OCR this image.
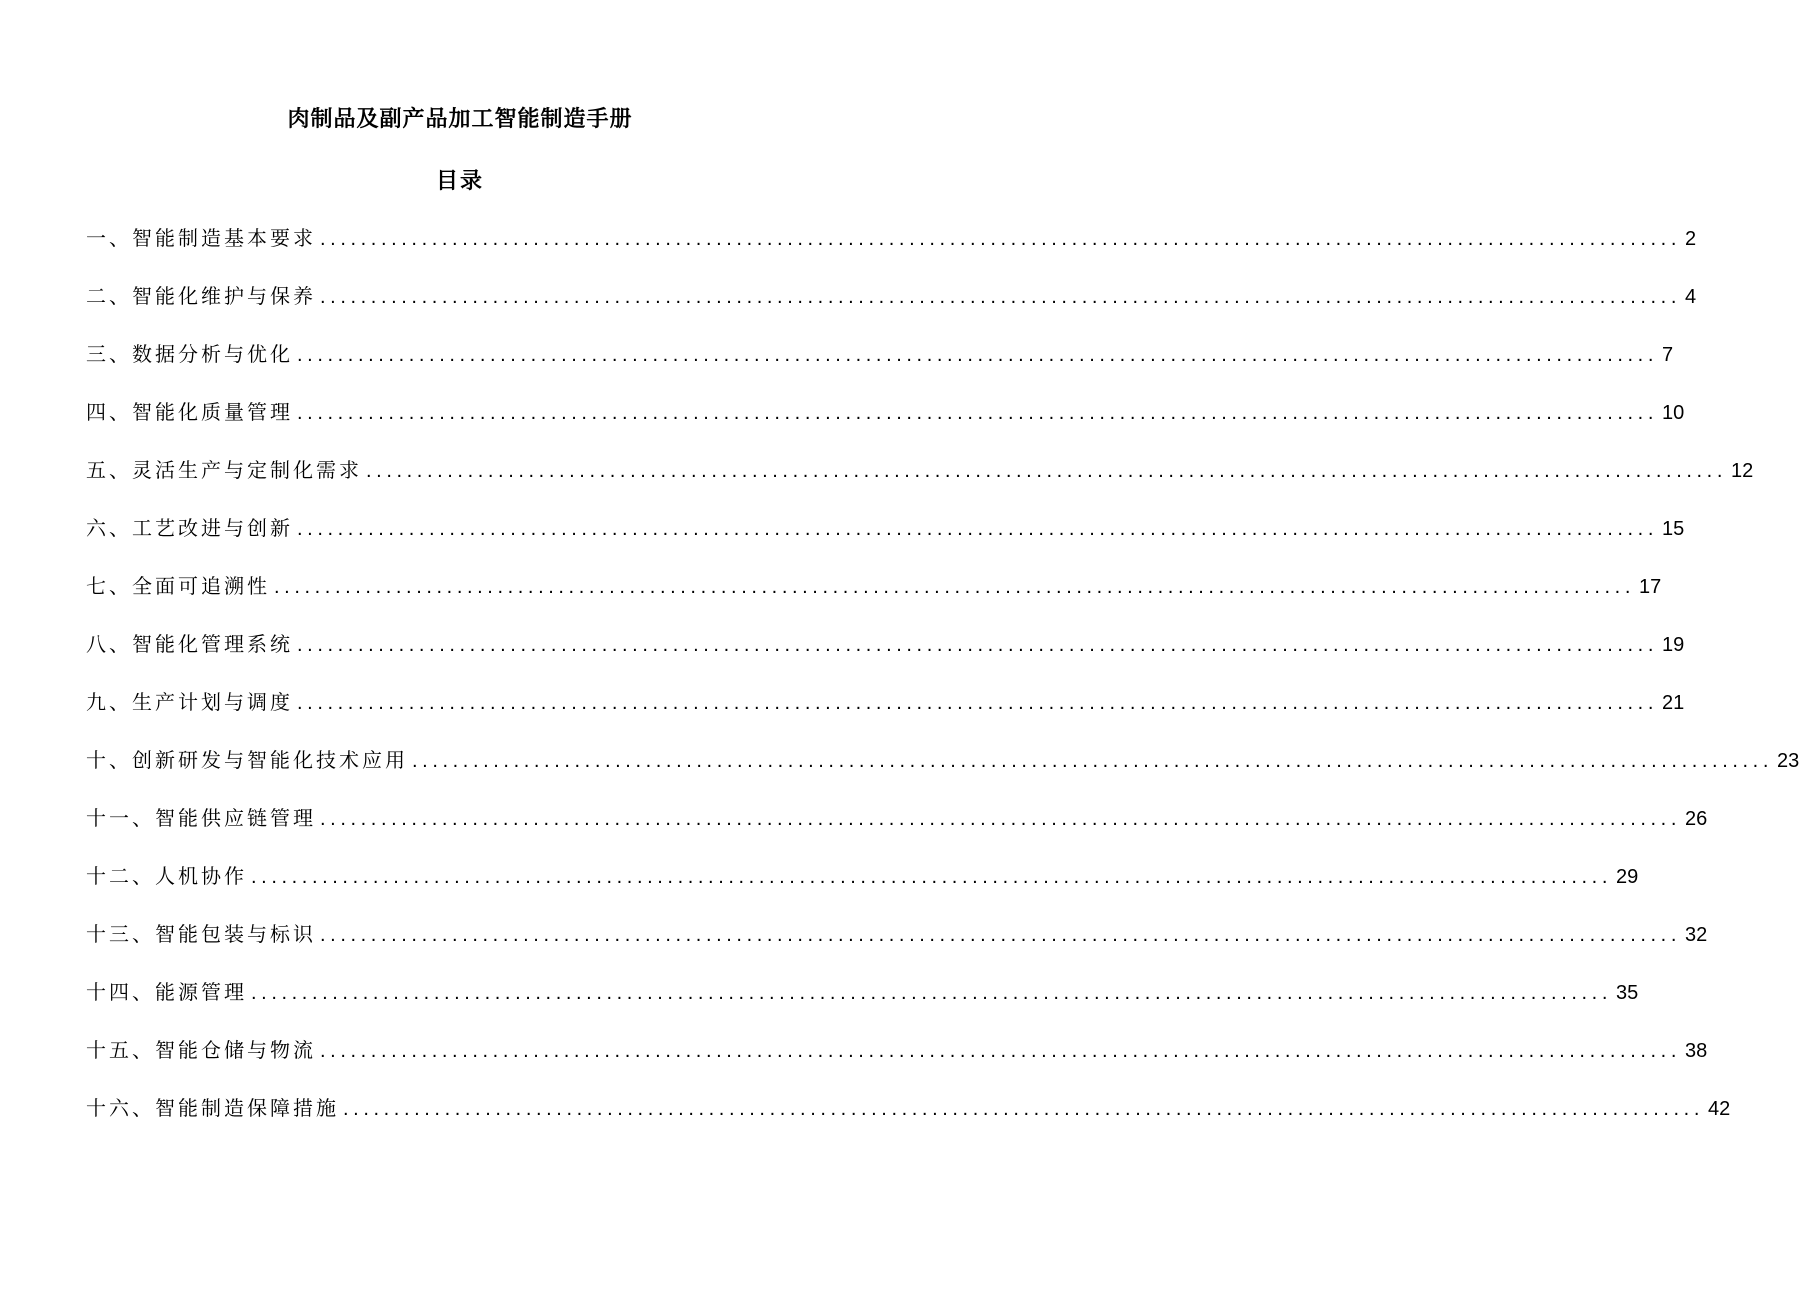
肉制品及副产品加工智能制造手册
目录
一、智能制造基本要求 ...................................................................................................................................... 2
二、智能化维护与保养 ...................................................................................................................................... 4
三、数据分析与优化 ...................................................................................................................................... 7
四、智能化质量管理 ...................................................................................................................................... 10
五、灵活生产与定制化需求 ...................................................................................................................................... 12
六、工艺改进与创新 ...................................................................................................................................... 15
七、全面可追溯性 ...................................................................................................................................... 17
八、智能化管理系统 ...................................................................................................................................... 19
九、生产计划与调度 ...................................................................................................................................... 21
十、创新研发与智能化技术应用 ...................................................................................................................................... 23
十一、智能供应链管理 ...................................................................................................................................... 26
十二、人机协作 ...................................................................................................................................... 29
十三、智能包装与标识 ...................................................................................................................................... 32
十四、能源管理 ...................................................................................................................................... 35
十五、智能仓储与物流 ...................................................................................................................................... 38
十六、智能制造保障措施 ...................................................................................................................................... 42
